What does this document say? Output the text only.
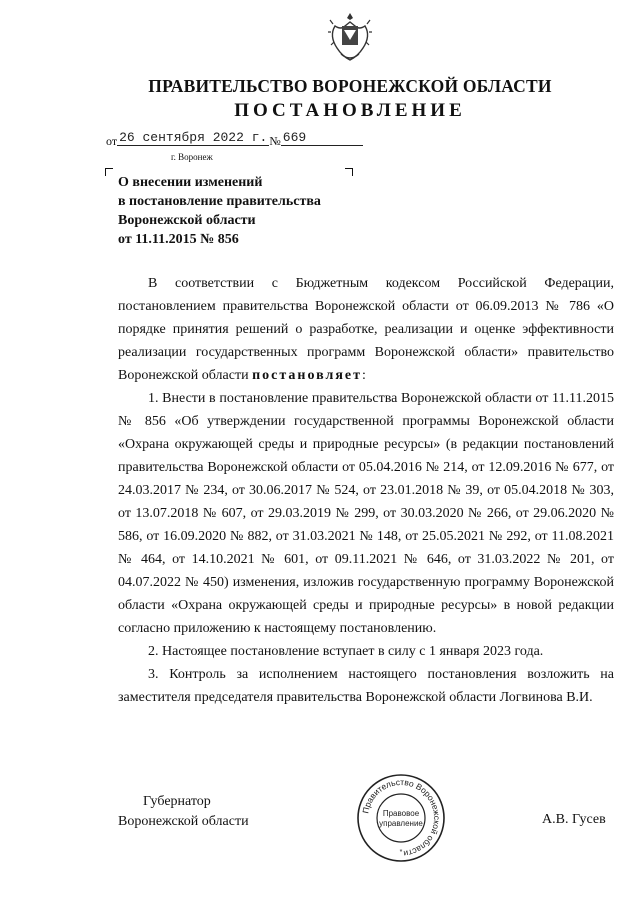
ПРАВИТЕЛЬСТВО ВОРОНЕЖСКОЙ ОБЛАСТИ
ПОСТАНОВЛЕНИЕ
от 26 сентября 2022 г. № 669
г. Воронеж
О внесении изменений
в постановление правительства
Воронежской области
от 11.11.2015 № 856

В соответствии с Бюджетным кодексом Российской Федерации, постановлением правительства Воронежской области от 06.09.2013 № 786 «О порядке принятия решений о разработке, реализации и оценке эффективности реализации государственных программ Воронежской области» правительство Воронежской области постановляет:

1. Внести в постановление правительства Воронежской области от 11.11.2015 № 856 «Об утверждении государственной программы Воронежской области «Охрана окружающей среды и природные ресурсы» (в редакции постановлений правительства Воронежской области от 05.04.2016 № 214, от 12.09.2016 № 677, от 24.03.2017 № 234, от 30.06.2017 № 524, от 23.01.2018 № 39, от 05.04.2018 № 303, от 13.07.2018 № 607, от 29.03.2019 № 299, от 30.03.2020 № 266, от 29.06.2020 № 586, от 16.09.2020 № 882, от 31.03.2021 № 148, от 25.05.2021 № 292, от 11.08.2021 № 464, от 14.10.2021 № 601, от 09.11.2021 № 646, от 31.03.2022 № 201, от 04.07.2022 № 450) изменения, изложив государственную программу Воронежской области «Охрана окружающей среды и природные ресурсы» в новой редакции согласно приложению к настоящему постановлению.

2. Настоящее постановление вступает в силу с 1 января 2023 года.

3. Контроль за исполнением настоящего постановления возложить на заместителя председателя правительства Воронежской области Логвинова В.И.

Губернатор
Воронежской области
Правительство Воронежской области
Правовое
управление
*
А.В. Гусев
